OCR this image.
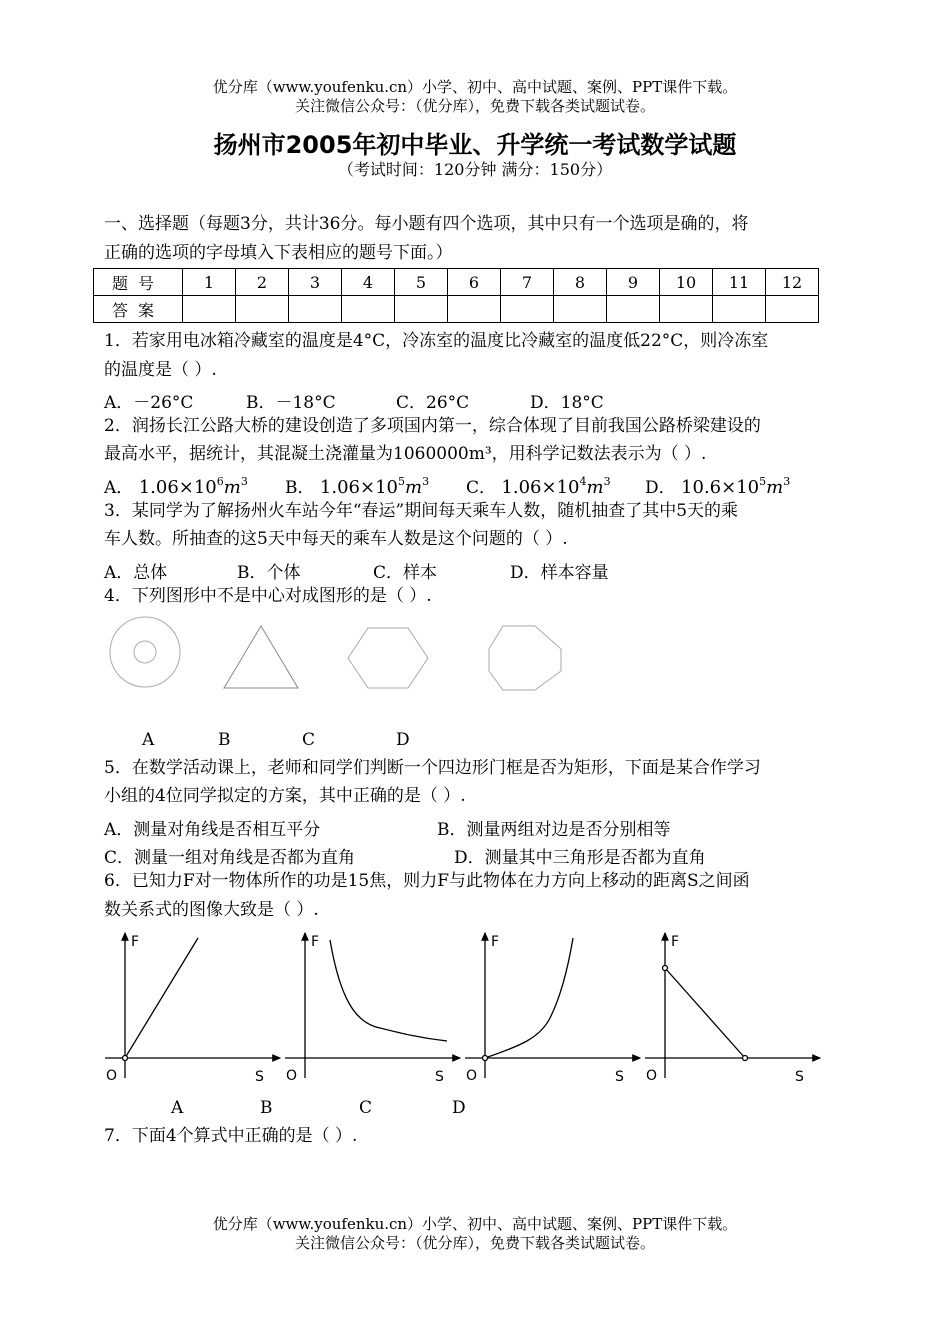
优分库（www.youfenku.cn）小学、初中、高中试题、案例、PPT课件下载。
关注微信公众号：（优分库），免费下载各类试题试卷。
扬州市2005年初中毕业、升学统一考试数学试题
（考试时间：120分钟 满分：150分）
一、选择题（每题3分，共计36分。每小题有四个选项，其中只有一个选项是确的，将
正确的选项的字母填入下表相应的题号下面。）
题号	1	2	3	4	5	6	7	8	9	10	11	12
答案												
1．若家用电冰箱冷藏室的温度是4°C，冷冻室的温度比冷藏室的温度低22°C，则冷冻室
的温度是（ ）.
A．－26°C	B．－18°C	C．26°C	D．18°C
2．润扬长江公路大桥的建设创造了多项国内第一，综合体现了目前我国公路桥梁建设的
最高水平，据统计，其混凝土浇灌量为1060000m³，用科学记数法表示为（ ）.
A． $1.06\times 10^6m^3$ B． $1.06\times 10^5m^3$ C． $1.06\times 10^4m^3$ D． $10.6\times 10^5m^3$
3．某同学为了解扬州火车站今年“春运”期间每天乘车人数，随机抽查了其中5天的乘
车人数。所抽查的这5天中每天的乘车人数是这个问题的（ ）.
A．总体	B．个体	C．样本	D．样本容量
4．下列图形中不是中心对成图形的是（ ）.
A	B	C	D
5．在数学活动课上，老师和同学们判断一个四边形门框是否为矩形，下面是某合作学习
小组的4位同学拟定的方案，其中正确的是（ ）.
A．测量对角线是否相互平分	B．测量两组对边是否分别相等
C．测量一组对角线是否都为直角	D．测量其中三角形是否都为直角
6．已知力F对一物体所作的功是15焦，则力F与此物体在力方向上移动的距离S之间函
数关系式的图像大致是（ ）.
F
O	S
F
O	S
F
O	S
F
O	S
A	B	C	D
7．下面4个算式中正确的是（ ）.
优分库（www.youfenku.cn）小学、初中、高中试题、案例、PPT课件下载。
关注微信公众号：（优分库），免费下载各类试题试卷。
